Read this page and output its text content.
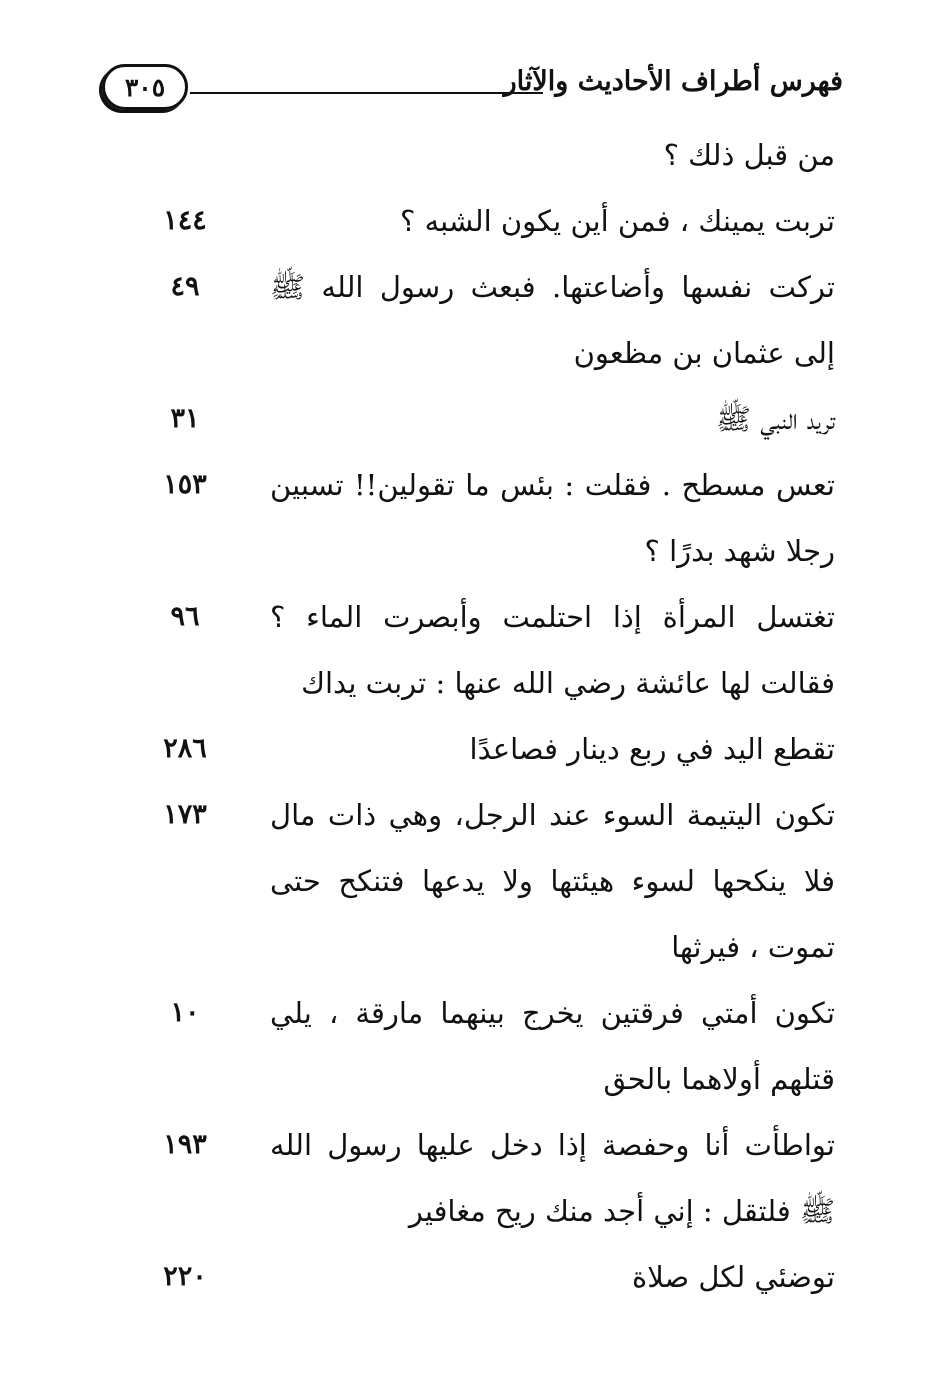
٣٠٥	فهرس أطراف الأحاديث والآثار
من قبل ذلك ؟
تربت يمينك ، فمن أين يكون الشبه ؟
١٤٤
تركت نفسها وأضاعتها. فبعث رسول الله ﷺ إلى عثمان بن مظعون
٤٩
تريد النبي ﷺ
٣١
تعس مسطح . فقلت : بئس ما تقولين!! تسبين رجلا شهد بدرًا ؟
١٥٣
تغتسل المرأة إذا احتلمت وأبصرت الماء ؟ فقالت لها عائشة رضي الله عنها : تربت يداك
٩٦
تقطع اليد في ربع دينار فصاعدًا
٢٨٦
تكون اليتيمة السوء عند الرجل، وهي ذات مال فلا ينكحها لسوء هيئتها ولا يدعها فتنكح حتى تموت ، فيرثها
١٧٣
تكون أمتي فرقتين يخرج بينهما مارقة ، يلي قتلهم أولاهما بالحق
١٠
تواطأت أنا وحفصة إذا دخل عليها رسول الله ﷺ فلتقل : إني أجد منك ريح مغافير
١٩٣
توضئي لكل صلاة
٢٢٠
